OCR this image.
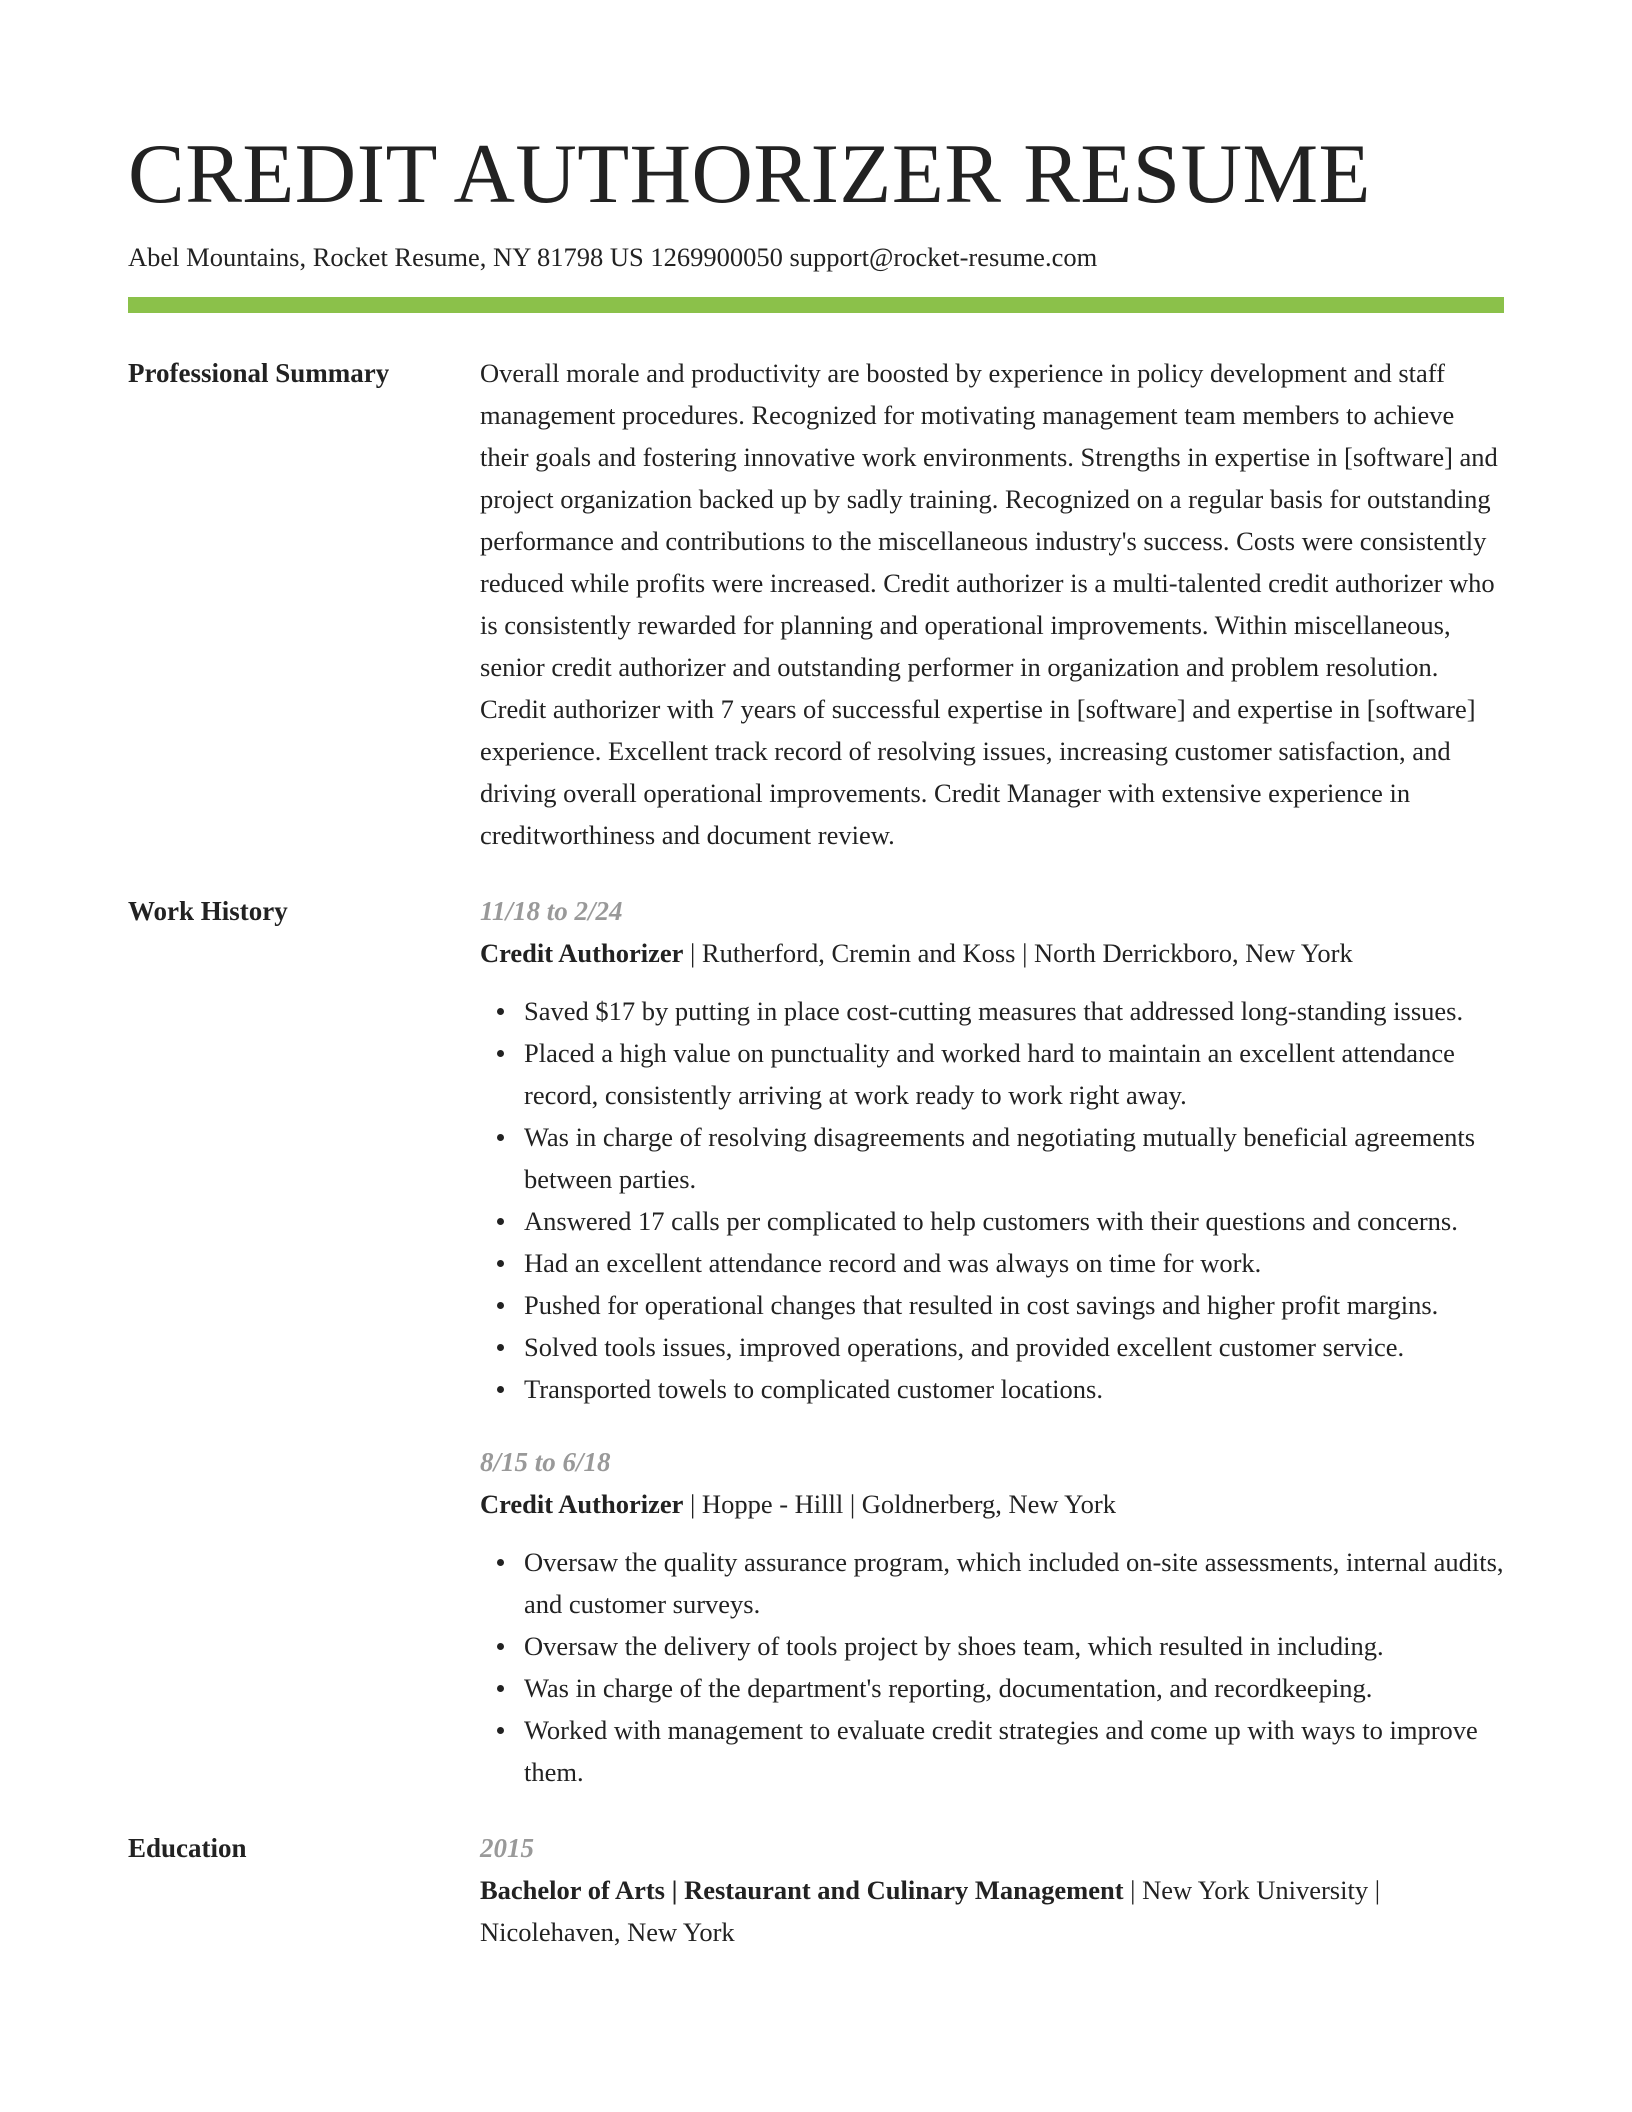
CREDIT AUTHORIZER RESUME
Abel Mountains, Rocket Resume, NY 81798 US 1269900050 support@rocket-resume.com
Professional Summary	Overall morale and productivity are boosted by experience in policy development and staff management procedures. Recognized for motivating management team members to achieve their goals and fostering innovative work environments. Strengths in expertise in [software] and project organization backed up by sadly training. Recognized on a regular basis for outstanding performance and contributions to the miscellaneous industry's success. Costs were consistently reduced while profits were increased. Credit authorizer is a multi-talented credit authorizer who is consistently rewarded for planning and operational improvements. Within miscellaneous, senior credit authorizer and outstanding performer in organization and problem resolution. Credit authorizer with 7 years of successful expertise in [software] and expertise in [software] experience. Excellent track record of resolving issues, increasing customer satisfaction, and driving overall operational improvements. Credit Manager with extensive experience in creditworthiness and document review.

Work History	11/18 to 2/24
Credit Authorizer | Rutherford, Cremin and Koss | North Derrickboro, New York
Saved $17 by putting in place cost-cutting measures that addressed long-standing issues.
Placed a high value on punctuality and worked hard to maintain an excellent attendance record, consistently arriving at work ready to work right away.
Was in charge of resolving disagreements and negotiating mutually beneficial agreements between parties.
Answered 17 calls per complicated to help customers with their questions and concerns.
Had an excellent attendance record and was always on time for work.
Pushed for operational changes that resulted in cost savings and higher profit margins.
Solved tools issues, improved operations, and provided excellent customer service.
Transported towels to complicated customer locations.
8/15 to 6/18
Credit Authorizer | Hoppe - Hilll | Goldnerberg, New York
Oversaw the quality assurance program, which included on-site assessments, internal audits, and customer surveys.
Oversaw the delivery of tools project by shoes team, which resulted in including.
Was in charge of the department's reporting, documentation, and recordkeeping.
Worked with management to evaluate credit strategies and come up with ways to improve them.
Education	2015
Bachelor of Arts | Restaurant and Culinary Management | New York University | Nicolehaven, New York
